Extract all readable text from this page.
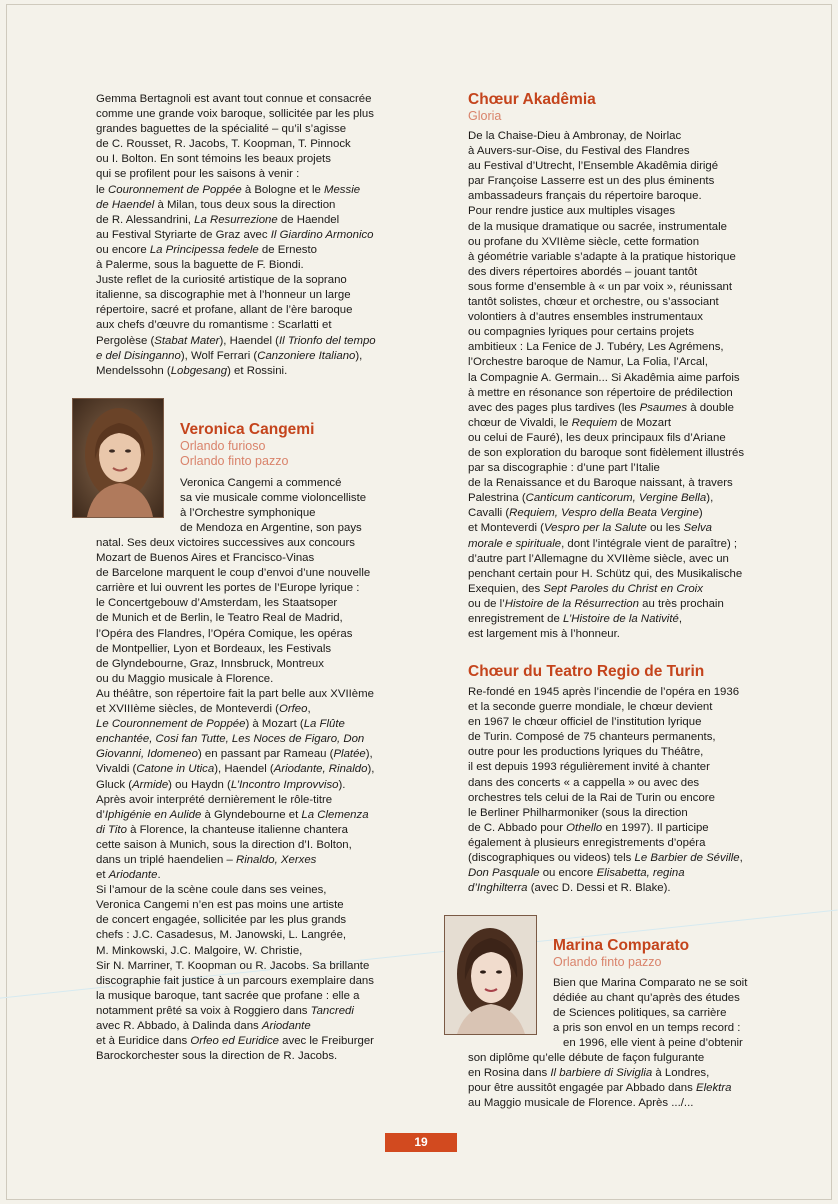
Gemma Bertagnoli est avant tout connue et consacrée
comme une grande voix baroque, sollicitée par les plus
grandes baguettes de la spécialité – qu’il s’agisse
de C. Rousset, R. Jacobs, T. Koopman, T. Pinnock
ou I. Bolton. En sont témoins les beaux projets
qui se profilent pour les saisons à venir :
le Couronnement de Poppée à Bologne et le Messie
de Haendel à Milan, tous deux sous la direction
de R. Alessandrini, La Resurrezione de Haendel
au Festival Styriarte de Graz avec Il Giardino Armonico
ou encore La Principessa fedele de Ernesto
à Palerme, sous la baguette de F. Biondi.
Juste reflet de la curiosité artistique de la soprano
italienne, sa discographie met à l’honneur un large
répertoire, sacré et profane, allant de l’ère baroque
aux chefs d’œuvre du romantisme : Scarlatti et
Pergolèse (Stabat Mater), Haendel (Il Trionfo del tempo
e del Disinganno), Wolf Ferrari (Canzoniere Italiano),
Mendelssohn (Lobgesang) et Rossini.
Veronica Cangemi
Orlando furioso
Orlando finto pazzo
Veronica Cangemi a commencé
sa vie musicale comme violoncelliste
à l’Orchestre symphonique
de Mendoza en Argentine, son pays
natal. Ses deux victoires successives aux concours
Mozart de Buenos Aires et Francisco-Vinas
de Barcelone marquent le coup d’envoi d’une nouvelle
carrière et lui ouvrent les portes de l’Europe lyrique :
le Concertgebouw d’Amsterdam, les Staatsoper
de Munich et de Berlin, le Teatro Real de Madrid,
l’Opéra des Flandres, l’Opéra Comique, les opéras
de Montpellier, Lyon et Bordeaux, les Festivals
de Glyndebourne, Graz, Innsbruck, Montreux
ou du Maggio musicale à Florence.
Au théâtre, son répertoire fait la part belle aux XVIIème
et XVIIIème siècles, de Monteverdi (Orfeo,
Le Couronnement de Poppée) à Mozart (La Flûte
enchantée, Cosi fan Tutte, Les Noces de Figaro, Don
Giovanni, Idomeneo) en passant par Rameau (Platée),
Vivaldi (Catone in Utica), Haendel (Ariodante, Rinaldo),
Gluck (Armide) ou Haydn (L’Incontro Improvviso).
Après avoir interprété dernièrement le rôle-titre
d’Iphigénie en Aulide à Glyndebourne et La Clemenza
di Tito à Florence, la chanteuse italienne chantera
cette saison à Munich, sous la direction d’I. Bolton,
dans un triplé haendelien – Rinaldo, Xerxes
et Ariodante.
Si l’amour de la scène coule dans ses veines,
Veronica Cangemi n’en est pas moins une artiste
de concert engagée, sollicitée par les plus grands
chefs : J.C. Casadesus, M. Janowski, L. Langrée,
M. Minkowski, J.C. Malgoire, W. Christie,
Sir N. Marriner, T. Koopman ou R. Jacobs. Sa brillante
discographie fait justice à un parcours exemplaire dans
la musique baroque, tant sacrée que profane : elle a
notamment prêté sa voix à Roggiero dans Tancredi
avec R. Abbado, à Dalinda dans Ariodante
et à Euridice dans Orfeo ed Euridice avec le Freiburger
Barockorchester sous la direction de R. Jacobs.
Chœur Akadêmia
Gloria
De la Chaise-Dieu à Ambronay, de Noirlac
à Auvers-sur-Oise, du Festival des Flandres
au Festival d’Utrecht, l’Ensemble Akadêmia dirigé
par Françoise Lasserre est un des plus éminents
ambassadeurs français du répertoire baroque.
Pour rendre justice aux multiples visages
de la musique dramatique ou sacrée, instrumentale
ou profane du XVIIème siècle, cette formation
à géométrie variable s’adapte à la pratique historique
des divers répertoires abordés – jouant tantôt
sous forme d’ensemble à « un par voix », réunissant
tantôt solistes, chœur et orchestre, ou s’associant
volontiers à d’autres ensembles instrumentaux
ou compagnies lyriques pour certains projets
ambitieux : La Fenice de J. Tubéry, Les Agrémens,
l’Orchestre baroque de Namur, La Folia, l’Arcal,
la Compagnie A. Germain... Si Akadêmia aime parfois
à mettre en résonance son répertoire de prédilection
avec des pages plus tardives (les Psaumes à double
chœur de Vivaldi, le Requiem de Mozart
ou celui de Fauré), les deux principaux fils d’Ariane
de son exploration du baroque sont fidèlement illustrés
par sa discographie : d’une part l’Italie
de la Renaissance et du Baroque naissant, à travers
Palestrina (Canticum canticorum, Vergine Bella),
Cavalli (Requiem, Vespro della Beata Vergine)
et Monteverdi (Vespro per la Salute ou les Selva
morale e spirituale, dont l’intégrale vient de paraître) ;
d’autre part l’Allemagne du XVIIème siècle, avec un
penchant certain pour H. Schütz qui, des Musikalische
Exequien, des Sept Paroles du Christ en Croix
ou de l’Histoire de la Résurrection au très prochain
enregistrement de L’Histoire de la Nativité,
est largement mis à l’honneur.
Chœur du Teatro Regio de Turin
Re-fondé en 1945 après l’incendie de l’opéra en 1936
et la seconde guerre mondiale, le chœur devient
en 1967 le chœur officiel de l’institution lyrique
de Turin. Composé de 75 chanteurs permanents,
outre pour les productions lyriques du Théâtre,
il est depuis 1993 régulièrement invité à chanter
dans des concerts « a cappella » ou avec des
orchestres tels celui de la Rai de Turin ou encore
le Berliner Philharmoniker (sous la direction
de C. Abbado pour Othello en 1997). Il participe
également à plusieurs enregistrements d’opéra
(discographiques ou videos) tels Le Barbier de Séville,
Don Pasquale ou encore Elisabetta, regina
d’Inghilterra (avec D. Dessi et R. Blake).
Marina Comparato
Orlando finto pazzo
Bien que Marina Comparato ne se soit
dédiée au chant qu’après des études
de Sciences politiques, sa carrière
a pris son envol en un temps record :
en 1996, elle vient à peine d’obtenir
son diplôme qu’elle débute de façon fulgurante
en Rosina dans Il barbiere di Siviglia à Londres,
pour être aussitôt engagée par Abbado dans Elektra
au Maggio musicale de Florence. Après .../...
19
